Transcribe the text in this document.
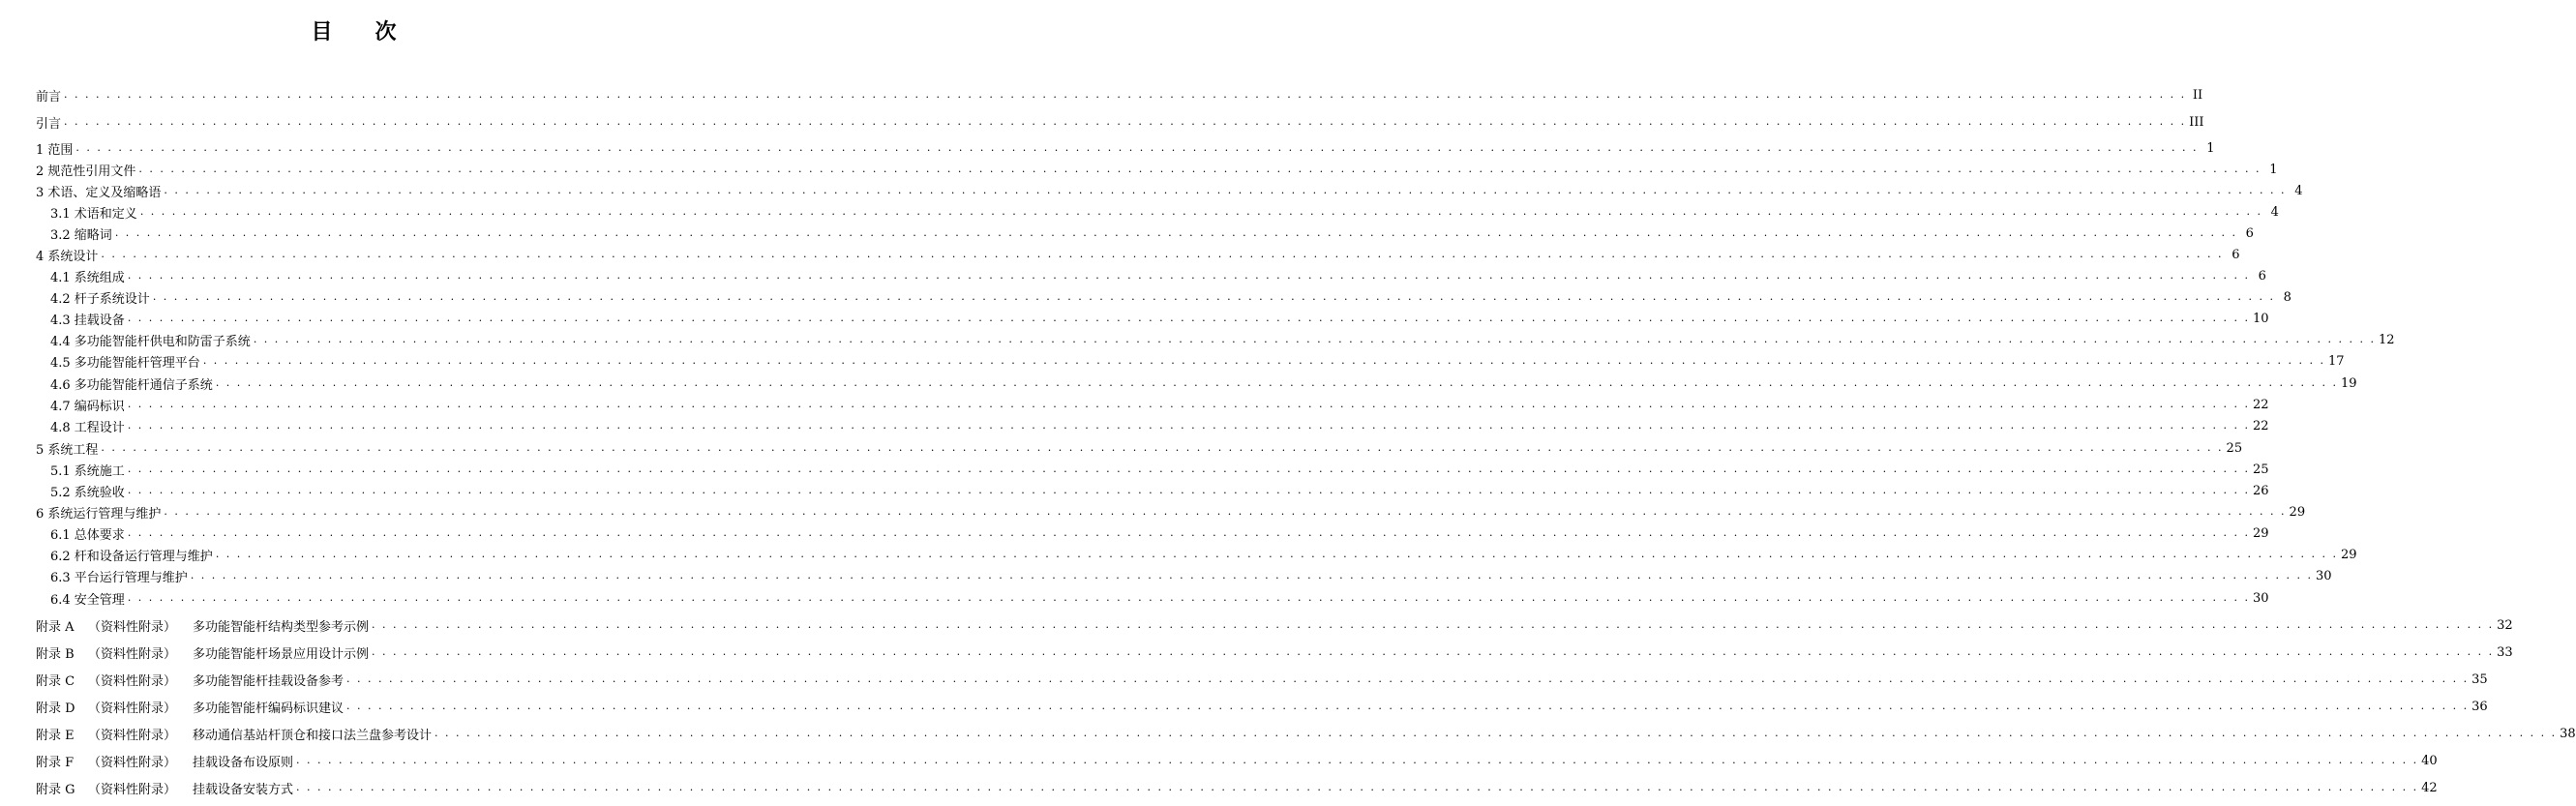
目　　次
前言 . . . . . . . . . . . . . . . . . . . . . . . . . . . . . . . . . . . . . . . . . . . . . . . . . . . . . . . . . . . . . . . . . . . . . . . . . . . . . . . . . . . . . . . . . . . . . . . . . . . . . . . . . . . . . . . . . . . . . . . . . . . . . . . . . . . . . . . . . . . . . . . . . . . . . . . . . . . . . . . . . . . . . . . . . . . . . . . . . . . . . . . . . . . . . . . . . . . . . . . . II
引言 . . . . . . . . . . . . . . . . . . . . . . . . . . . . . . . . . . . . . . . . . . . . . . . . . . . . . . . . . . . . . . . . . . . . . . . . . . . . . . . . . . . . . . . . . . . . . . . . . . . . . . . . . . . . . . . . . . . . . . . . . . . . . . . . . . . . . . . . . . . . . . . . . . . . . . . . . . . . . . . . . . . . . . . . . . . . . . . . . . . . . . . . . . . . . . . . . . . . . . . . III
1 范围 . . . . . . . . . . . . . . . . . . . . . . . . . . . . . . . . . . . . . . . . . . . . . . . . . . . . . . . . . . . . . . . . . . . . . . . . . . . . . . . . . . . . . . . . . . . . . . . . . . . . . . . . . . . . . . . . . . . . . . . . . . . . . . . . . . . . . . . . . . . . . . . . . . . . . . . . . . . . . . . . . . . . . . . . . . . . . . . . . . . . . . . . . . . . . . . . . . . . . . . . 1
2 规范性引用文件 . . . . . . . . . . . . . . . . . . . . . . . . . . . . . . . . . . . . . . . . . . . . . . . . . . . . . . . . . . . . . . . . . . . . . . . . . . . . . . . . . . . . . . . . . . . . . . . . . . . . . . . . . . . . . . . . . . . . . . . . . . . . . . . . . . . . . . . . . . . . . . . . . . . . . . . . . . . . . . . . . . . . . . . . . . . . . . . . . . . . . . . . . . . . . . . . . . . . . . . . 1
3 术语、定义及缩略语 . . . . . . . . . . . . . . . . . . . . . . . . . . . . . . . . . . . . . . . . . . . . . . . . . . . . . . . . . . . . . . . . . . . . . . . . . . . . . . . . . . . . . . . . . . . . . . . . . . . . . . . . . . . . . . . . . . . . . . . . . . . . . . . . . . . . . . . . . . . . . . . . . . . . . . . . . . . . . . . . . . . . . . . . . . . . . . . . . . . . . . . . . . . . . . . . . . . . . . . . 4
3.1 术语和定义 . . . . . . . . . . . . . . . . . . . . . . . . . . . . . . . . . . . . . . . . . . . . . . . . . . . . . . . . . . . . . . . . . . . . . . . . . . . . . . . . . . . . . . . . . . . . . . . . . . . . . . . . . . . . . . . . . . . . . . . . . . . . . . . . . . . . . . . . . . . . . . . . . . . . . . . . . . . . . . . . . . . . . . . . . . . . . . . . . . . . . . . . . . . . . . . . . . . . . . . . 4
3.2 缩略词 . . . . . . . . . . . . . . . . . . . . . . . . . . . . . . . . . . . . . . . . . . . . . . . . . . . . . . . . . . . . . . . . . . . . . . . . . . . . . . . . . . . . . . . . . . . . . . . . . . . . . . . . . . . . . . . . . . . . . . . . . . . . . . . . . . . . . . . . . . . . . . . . . . . . . . . . . . . . . . . . . . . . . . . . . . . . . . . . . . . . . . . . . . . . . . . . . . . . . . . . 6
4 系统设计 . . . . . . . . . . . . . . . . . . . . . . . . . . . . . . . . . . . . . . . . . . . . . . . . . . . . . . . . . . . . . . . . . . . . . . . . . . . . . . . . . . . . . . . . . . . . . . . . . . . . . . . . . . . . . . . . . . . . . . . . . . . . . . . . . . . . . . . . . . . . . . . . . . . . . . . . . . . . . . . . . . . . . . . . . . . . . . . . . . . . . . . . . . . . . . . . . . . . . . . . 6
4.1 系统组成 . . . . . . . . . . . . . . . . . . . . . . . . . . . . . . . . . . . . . . . . . . . . . . . . . . . . . . . . . . . . . . . . . . . . . . . . . . . . . . . . . . . . . . . . . . . . . . . . . . . . . . . . . . . . . . . . . . . . . . . . . . . . . . . . . . . . . . . . . . . . . . . . . . . . . . . . . . . . . . . . . . . . . . . . . . . . . . . . . . . . . . . . . . . . . . . . . . . . . . . . 6
4.2 杆子系统设计 . . . . . . . . . . . . . . . . . . . . . . . . . . . . . . . . . . . . . . . . . . . . . . . . . . . . . . . . . . . . . . . . . . . . . . . . . . . . . . . . . . . . . . . . . . . . . . . . . . . . . . . . . . . . . . . . . . . . . . . . . . . . . . . . . . . . . . . . . . . . . . . . . . . . . . . . . . . . . . . . . . . . . . . . . . . . . . . . . . . . . . . . . . . . . . . . . . . . . . . . 8
4.3 挂载设备 . . . . . . . . . . . . . . . . . . . . . . . . . . . . . . . . . . . . . . . . . . . . . . . . . . . . . . . . . . . . . . . . . . . . . . . . . . . . . . . . . . . . . . . . . . . . . . . . . . . . . . . . . . . . . . . . . . . . . . . . . . . . . . . . . . . . . . . . . . . . . . . . . . . . . . . . . . . . . . . . . . . . . . . . . . . . . . . . . . . . . . . . . . . . . . . . . . . . . . . . 10
4.4 多功能智能杆供电和防雷子系统 . . . . . . . . . . . . . . . . . . . . . . . . . . . . . . . . . . . . . . . . . . . . . . . . . . . . . . . . . . . . . . . . . . . . . . . . . . . . . . . . . . . . . . . . . . . . . . . . . . . . . . . . . . . . . . . . . . . . . . . . . . . . . . . . . . . . . . . . . . . . . . . . . . . . . . . . . . . . . . . . . . . . . . . . . . . . . . . . . . . . . . . . . . . . . . . . . . . . . . . . 12
4.5 多功能智能杆管理平台 . . . . . . . . . . . . . . . . . . . . . . . . . . . . . . . . . . . . . . . . . . . . . . . . . . . . . . . . . . . . . . . . . . . . . . . . . . . . . . . . . . . . . . . . . . . . . . . . . . . . . . . . . . . . . . . . . . . . . . . . . . . . . . . . . . . . . . . . . . . . . . . . . . . . . . . . . . . . . . . . . . . . . . . . . . . . . . . . . . . . . . . . . . . . . . . . . . . . . . . . 17
4.6 多功能智能杆通信子系统 . . . . . . . . . . . . . . . . . . . . . . . . . . . . . . . . . . . . . . . . . . . . . . . . . . . . . . . . . . . . . . . . . . . . . . . . . . . . . . . . . . . . . . . . . . . . . . . . . . . . . . . . . . . . . . . . . . . . . . . . . . . . . . . . . . . . . . . . . . . . . . . . . . . . . . . . . . . . . . . . . . . . . . . . . . . . . . . . . . . . . . . . . . . . . . . . . . . . . . . . 19
4.7 编码标识 . . . . . . . . . . . . . . . . . . . . . . . . . . . . . . . . . . . . . . . . . . . . . . . . . . . . . . . . . . . . . . . . . . . . . . . . . . . . . . . . . . . . . . . . . . . . . . . . . . . . . . . . . . . . . . . . . . . . . . . . . . . . . . . . . . . . . . . . . . . . . . . . . . . . . . . . . . . . . . . . . . . . . . . . . . . . . . . . . . . . . . . . . . . . . . . . . . . . . . . . 22
4.8 工程设计 . . . . . . . . . . . . . . . . . . . . . . . . . . . . . . . . . . . . . . . . . . . . . . . . . . . . . . . . . . . . . . . . . . . . . . . . . . . . . . . . . . . . . . . . . . . . . . . . . . . . . . . . . . . . . . . . . . . . . . . . . . . . . . . . . . . . . . . . . . . . . . . . . . . . . . . . . . . . . . . . . . . . . . . . . . . . . . . . . . . . . . . . . . . . . . . . . . . . . . . . 22
5 系统工程 . . . . . . . . . . . . . . . . . . . . . . . . . . . . . . . . . . . . . . . . . . . . . . . . . . . . . . . . . . . . . . . . . . . . . . . . . . . . . . . . . . . . . . . . . . . . . . . . . . . . . . . . . . . . . . . . . . . . . . . . . . . . . . . . . . . . . . . . . . . . . . . . . . . . . . . . . . . . . . . . . . . . . . . . . . . . . . . . . . . . . . . . . . . . . . . . . . . . . . . . 25
5.1 系统施工 . . . . . . . . . . . . . . . . . . . . . . . . . . . . . . . . . . . . . . . . . . . . . . . . . . . . . . . . . . . . . . . . . . . . . . . . . . . . . . . . . . . . . . . . . . . . . . . . . . . . . . . . . . . . . . . . . . . . . . . . . . . . . . . . . . . . . . . . . . . . . . . . . . . . . . . . . . . . . . . . . . . . . . . . . . . . . . . . . . . . . . . . . . . . . . . . . . . . . . . . 25
5.2 系统验收 . . . . . . . . . . . . . . . . . . . . . . . . . . . . . . . . . . . . . . . . . . . . . . . . . . . . . . . . . . . . . . . . . . . . . . . . . . . . . . . . . . . . . . . . . . . . . . . . . . . . . . . . . . . . . . . . . . . . . . . . . . . . . . . . . . . . . . . . . . . . . . . . . . . . . . . . . . . . . . . . . . . . . . . . . . . . . . . . . . . . . . . . . . . . . . . . . . . . . . . . 26
6 系统运行管理与维护 . . . . . . . . . . . . . . . . . . . . . . . . . . . . . . . . . . . . . . . . . . . . . . . . . . . . . . . . . . . . . . . . . . . . . . . . . . . . . . . . . . . . . . . . . . . . . . . . . . . . . . . . . . . . . . . . . . . . . . . . . . . . . . . . . . . . . . . . . . . . . . . . . . . . . . . . . . . . . . . . . . . . . . . . . . . . . . . . . . . . . . . . . . . . . . . . . . . . . . . . 29
6.1 总体要求 . . . . . . . . . . . . . . . . . . . . . . . . . . . . . . . . . . . . . . . . . . . . . . . . . . . . . . . . . . . . . . . . . . . . . . . . . . . . . . . . . . . . . . . . . . . . . . . . . . . . . . . . . . . . . . . . . . . . . . . . . . . . . . . . . . . . . . . . . . . . . . . . . . . . . . . . . . . . . . . . . . . . . . . . . . . . . . . . . . . . . . . . . . . . . . . . . . . . . . . . 29
6.2 杆和设备运行管理与维护 . . . . . . . . . . . . . . . . . . . . . . . . . . . . . . . . . . . . . . . . . . . . . . . . . . . . . . . . . . . . . . . . . . . . . . . . . . . . . . . . . . . . . . . . . . . . . . . . . . . . . . . . . . . . . . . . . . . . . . . . . . . . . . . . . . . . . . . . . . . . . . . . . . . . . . . . . . . . . . . . . . . . . . . . . . . . . . . . . . . . . . . . . . . . . . . . . . . . . . . . 29
6.3 平台运行管理与维护 . . . . . . . . . . . . . . . . . . . . . . . . . . . . . . . . . . . . . . . . . . . . . . . . . . . . . . . . . . . . . . . . . . . . . . . . . . . . . . . . . . . . . . . . . . . . . . . . . . . . . . . . . . . . . . . . . . . . . . . . . . . . . . . . . . . . . . . . . . . . . . . . . . . . . . . . . . . . . . . . . . . . . . . . . . . . . . . . . . . . . . . . . . . . . . . . . . . . . . . . 30
6.4 安全管理 . . . . . . . . . . . . . . . . . . . . . . . . . . . . . . . . . . . . . . . . . . . . . . . . . . . . . . . . . . . . . . . . . . . . . . . . . . . . . . . . . . . . . . . . . . . . . . . . . . . . . . . . . . . . . . . . . . . . . . . . . . . . . . . . . . . . . . . . . . . . . . . . . . . . . . . . . . . . . . . . . . . . . . . . . . . . . . . . . . . . . . . . . . . . . . . . . . . . . . . . 30
附录 A	（资料性附录）	多功能智能杆结构类型参考示例 . . . . . . . . . . . . . . . . . . . . . . . . . . . . . . . . . . . . . . . . . . . . . . . . . . . . . . . . . . . . . . . . . . . . . . . . . . . . . . . . . . . . . . . . . . . . . . . . . . . . . . . . . . . . . . . . . . . . . . . . . . . . . . . . . . . . . . . . . . . . . . . . . . . . . . . . . . . . . . . . . . . . . . . . . . . . . . . . . . . . . . . . . . . . . . . . . . . . . . . . 32
附录 B	（资料性附录）	多功能智能杆场景应用设计示例 . . . . . . . . . . . . . . . . . . . . . . . . . . . . . . . . . . . . . . . . . . . . . . . . . . . . . . . . . . . . . . . . . . . . . . . . . . . . . . . . . . . . . . . . . . . . . . . . . . . . . . . . . . . . . . . . . . . . . . . . . . . . . . . . . . . . . . . . . . . . . . . . . . . . . . . . . . . . . . . . . . . . . . . . . . . . . . . . . . . . . . . . . . . . . . . . . . . . . . . . 33
附录 C	（资料性附录）	多功能智能杆挂载设备参考 . . . . . . . . . . . . . . . . . . . . . . . . . . . . . . . . . . . . . . . . . . . . . . . . . . . . . . . . . . . . . . . . . . . . . . . . . . . . . . . . . . . . . . . . . . . . . . . . . . . . . . . . . . . . . . . . . . . . . . . . . . . . . . . . . . . . . . . . . . . . . . . . . . . . . . . . . . . . . . . . . . . . . . . . . . . . . . . . . . . . . . . . . . . . . . . . . . . . . . . . 35
附录 D	（资料性附录）	多功能智能杆编码标识建议 . . . . . . . . . . . . . . . . . . . . . . . . . . . . . . . . . . . . . . . . . . . . . . . . . . . . . . . . . . . . . . . . . . . . . . . . . . . . . . . . . . . . . . . . . . . . . . . . . . . . . . . . . . . . . . . . . . . . . . . . . . . . . . . . . . . . . . . . . . . . . . . . . . . . . . . . . . . . . . . . . . . . . . . . . . . . . . . . . . . . . . . . . . . . . . . . . . . . . . . . 36
附录 E	（资料性附录）	移动通信基站杆顶仓和接口法兰盘参考设计 . . . . . . . . . . . . . . . . . . . . . . . . . . . . . . . . . . . . . . . . . . . . . . . . . . . . . . . . . . . . . . . . . . . . . . . . . . . . . . . . . . . . . . . . . . . . . . . . . . . . . . . . . . . . . . . . . . . . . . . . . . . . . . . . . . . . . . . . . . . . . . . . . . . . . . . . . . . . . . . . . . . . . . . . . . . . . . . . . . . . . . . . . . . . . . . . . . . . . . . . 38
附录 F	（资料性附录）	挂载设备布设原则 . . . . . . . . . . . . . . . . . . . . . . . . . . . . . . . . . . . . . . . . . . . . . . . . . . . . . . . . . . . . . . . . . . . . . . . . . . . . . . . . . . . . . . . . . . . . . . . . . . . . . . . . . . . . . . . . . . . . . . . . . . . . . . . . . . . . . . . . . . . . . . . . . . . . . . . . . . . . . . . . . . . . . . . . . . . . . . . . . . . . . . . . . . . . . . . . . . . . . . . . 40
附录 G	（资料性附录）	挂载设备安装方式 . . . . . . . . . . . . . . . . . . . . . . . . . . . . . . . . . . . . . . . . . . . . . . . . . . . . . . . . . . . . . . . . . . . . . . . . . . . . . . . . . . . . . . . . . . . . . . . . . . . . . . . . . . . . . . . . . . . . . . . . . . . . . . . . . . . . . . . . . . . . . . . . . . . . . . . . . . . . . . . . . . . . . . . . . . . . . . . . . . . . . . . . . . . . . . . . . . . . . . . . 42
